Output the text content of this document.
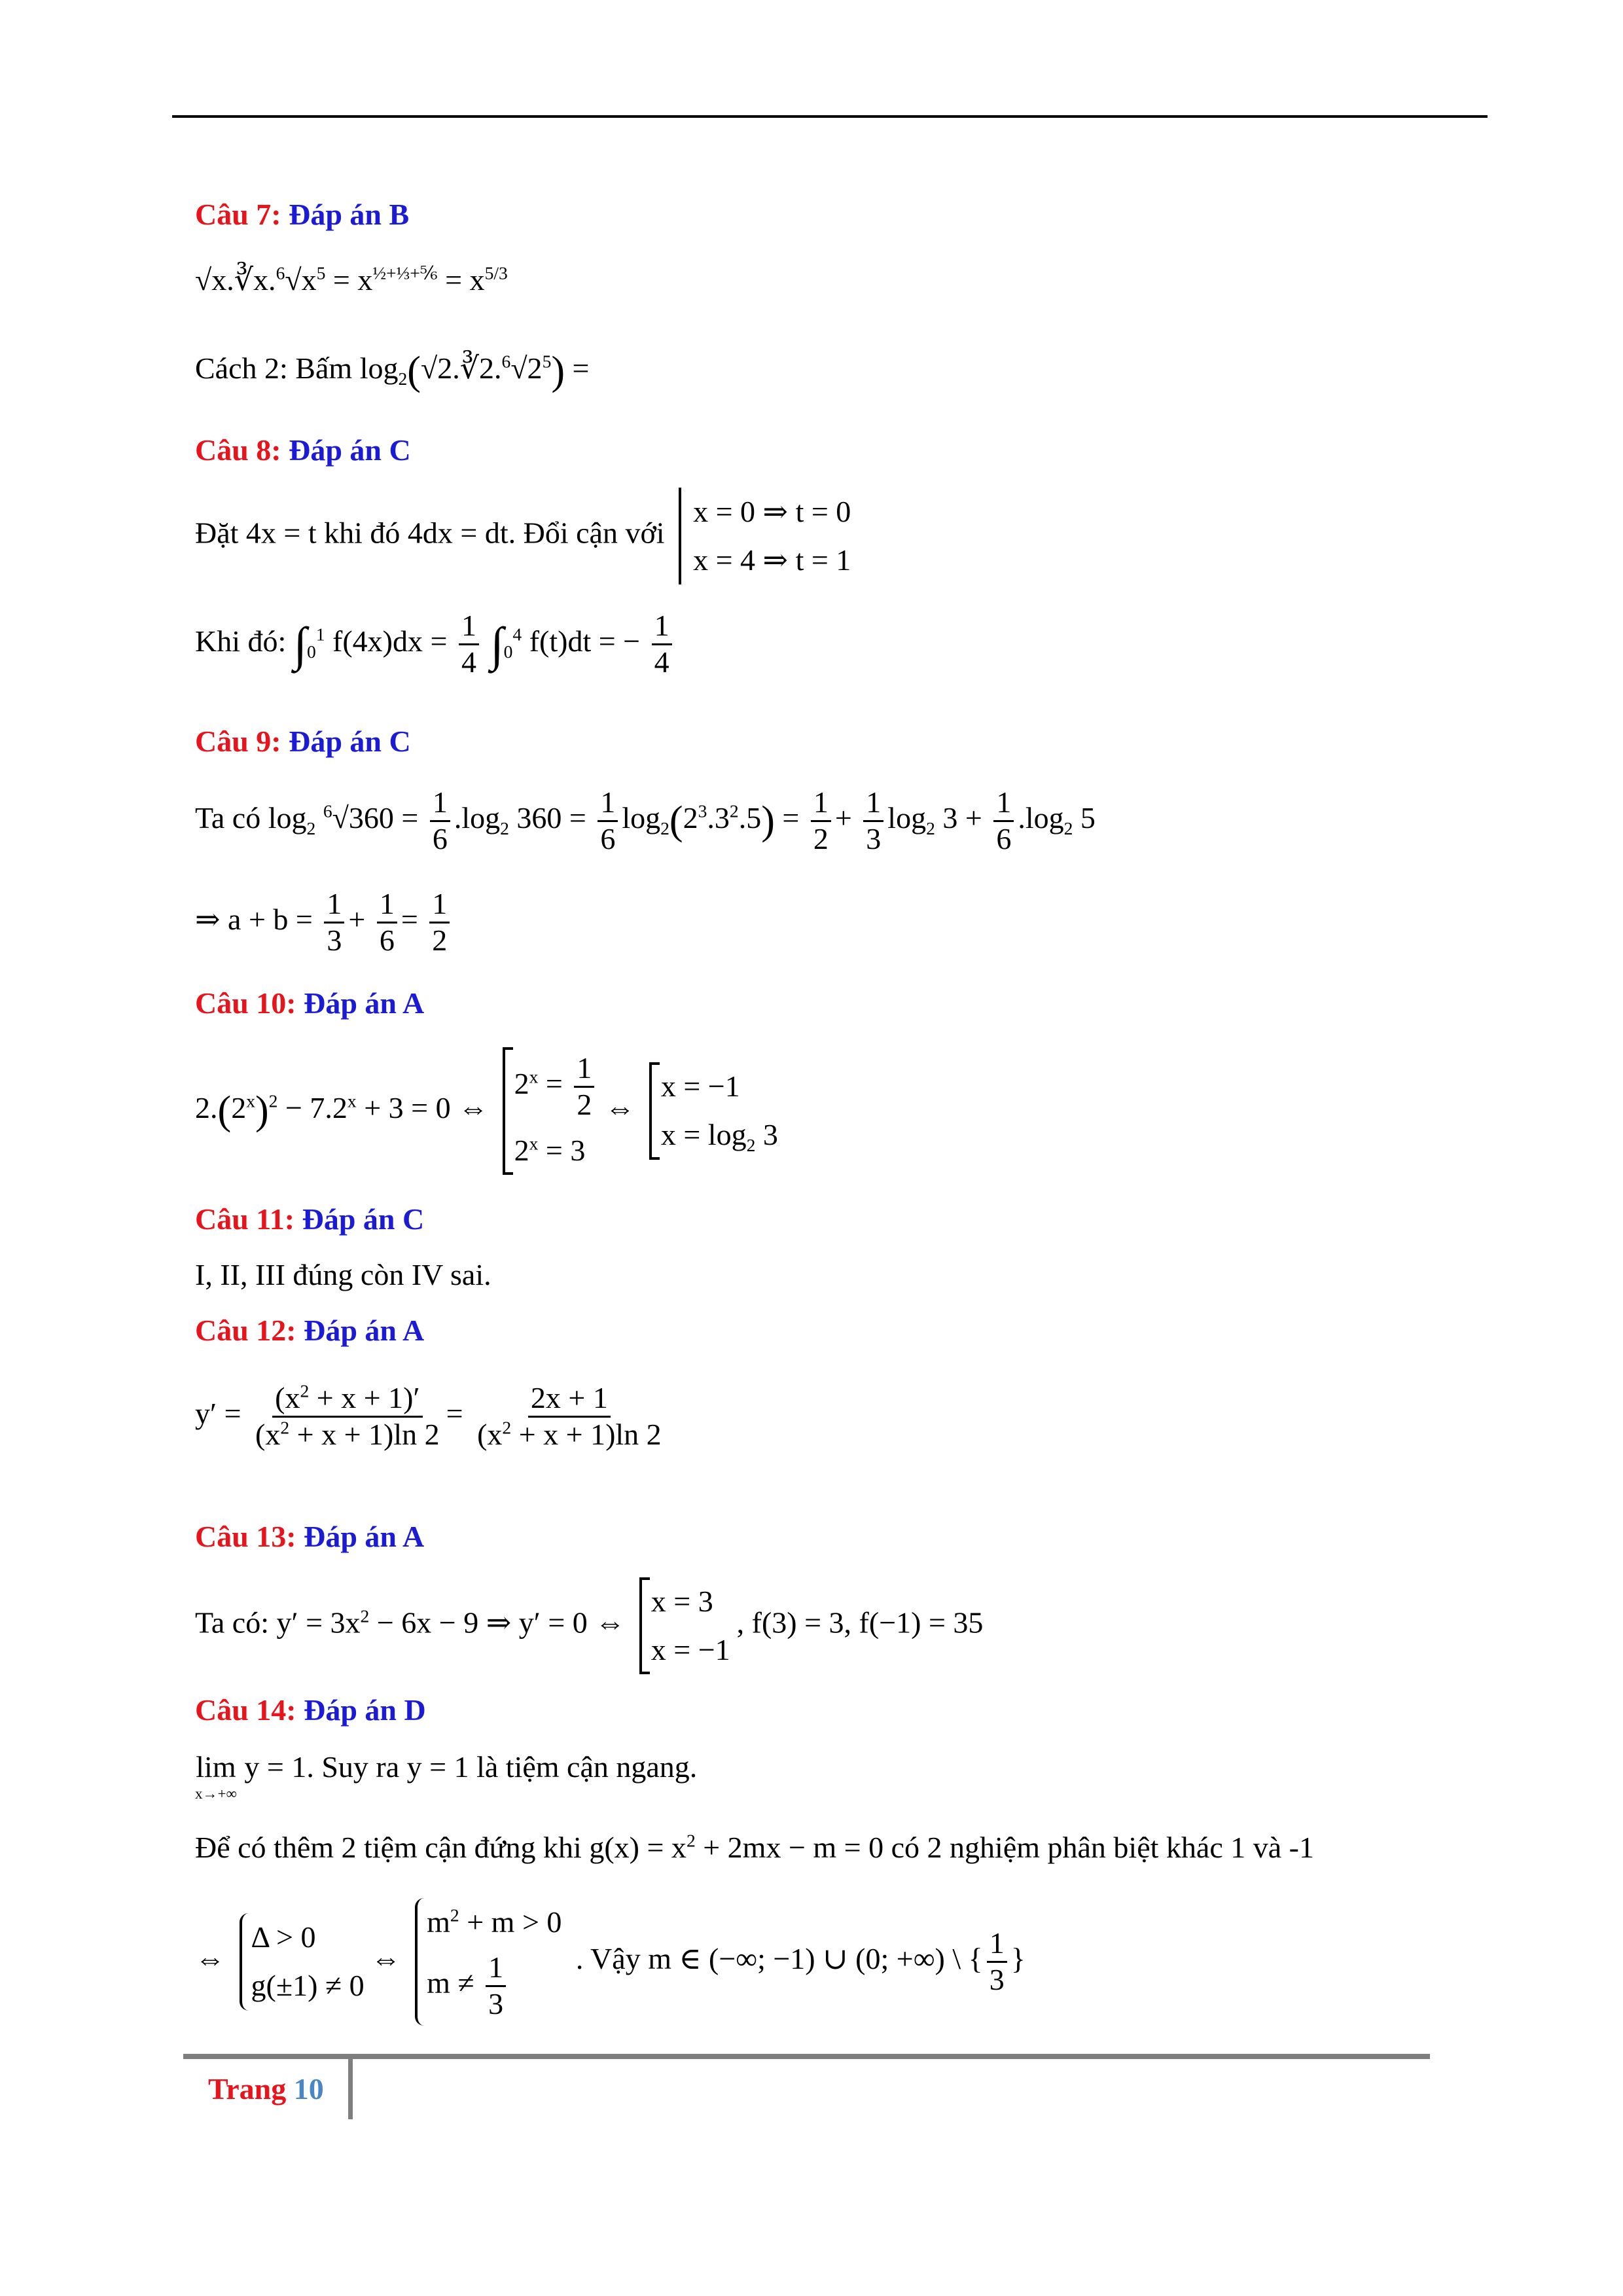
Câu 7: Đáp án B
$√x.∛x.^6√x^5 = x^{\frac{1}{2}+\frac{1}{3}+\frac{5}{6}} = x^{5/3}$
Cách 2: Bấm $\log_2(√2.∛2.^6√2^5)$ =
Câu 8: Đáp án C
Đặt 4x = t khi đó 4dx = dt. Đổi cận với
x = 0 ⇒ t = 0
x = 4 ⇒ t = 1
Khi đó: $\int_0^1$ $f(4x)dx = \frac{1}{4} \int_0^4$ f(t)dt = − $\frac{1}{4}$
Câu 9: Đáp án C
Ta có $\log_2 ^6√360 = \frac{1}{6} .\log_2$ $360 = \frac{1}{6} \log_2(2^3.3^2.5) = \frac{1}{2} + \frac{1}{3} \log_2 3 + \frac{1}{6} .\log_2$ 5
⇒ $a + b = \frac{1}{3} + \frac{1}{6} = \frac{1}{2}$
Câu 10: Đáp án A
$2.(2^x)^2 - 7.2^x + 3 = 0$ ⇔
$2^x = \frac{1}{2}$
$2^x = 3$
⇔
x = −1
$x = \log_2 3$
Câu 11: Đáp án C
I, II, III đúng còn IV sai.
Câu 12: Đáp án A
$y' = \frac{(x^2 + x + 1)'}{(x^2 + x + 1)\ln 2} = \frac{2x + 1}{(x^2 + x + 1)\ln 2}$
Câu 13: Đáp án A
Ta có: $y' = 3x^2 - 6x - 9$ ⇒ y′ = 0 ⇔
x = 3
x = −1
, f(3) = 3, f(−1) = 35
Câu 14: Đáp án D
lim
x→+∞
y = 1. Suy ra y = 1 là tiệm cận ngang.
Để có thêm 2 tiệm cận đứng khi $g(x) = x^2 + 2mx - m = 0$ có 2 nghiệm phân biệt khác 1 và -1
⇔
Δ > 0
g(±1) ≠ 0
⇔
$m^2 + m > 0$
$m \ne \frac{1}{3}$ . Vậy m ∈ (−∞; −1) ∪ (0; +∞) \ { $\frac{1}{3}$ }
Trang 10
